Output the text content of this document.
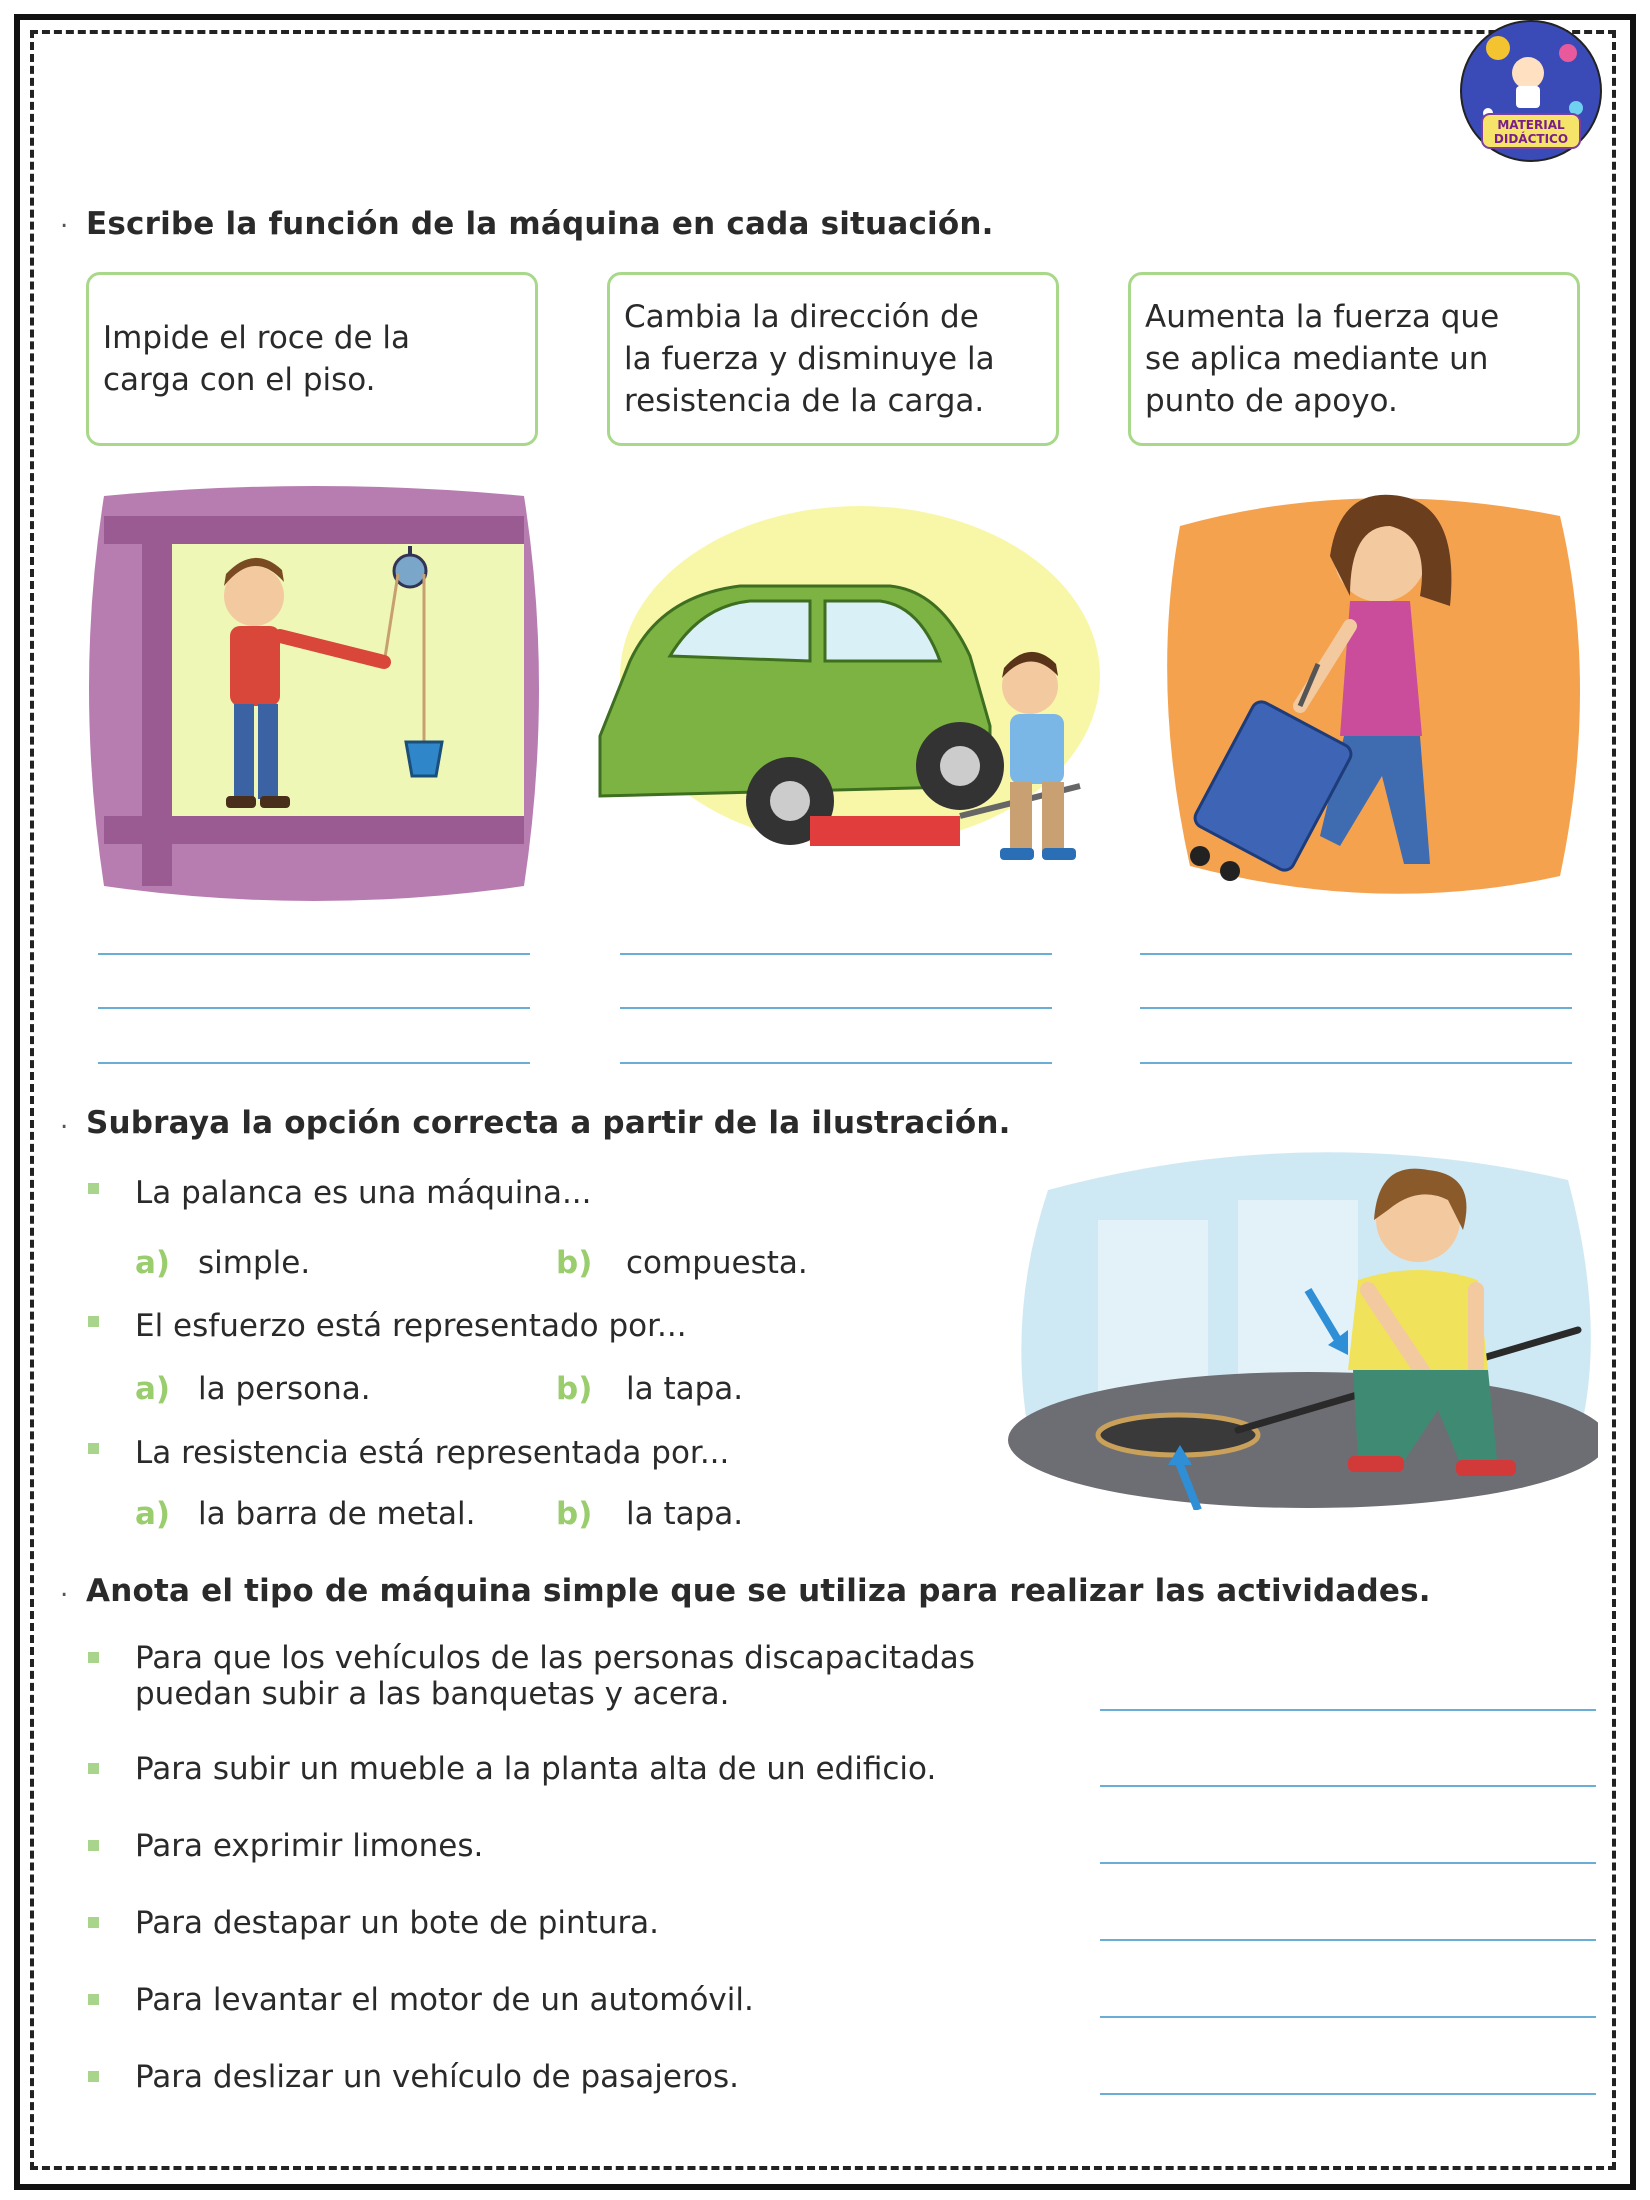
MATERIAL
DIDÁCTICO
. Escribe la función de la máquina en cada situación.
Impide el roce de la
carga con el piso.
Cambia la dirección de
la fuerza y disminuye la
resistencia de la carga.
Aumenta la fuerza que
se aplica mediante un
punto de apoyo.
. Subraya la opción correcta a partir de la ilustración.
La palanca es una máquina...
a) simple.	b) compuesta.
El esfuerzo está representado por...
a) la persona.	b) la tapa.
La resistencia está representada por...
a) la barra de metal.	b) la tapa.
. Anota el tipo de máquina simple que se utiliza para realizar las actividades.
Para que los vehículos de las personas discapacitadas
puedan subir a las banquetas y acera.
Para subir un mueble a la planta alta de un edificio.
Para exprimir limones.
Para destapar un bote de pintura.
Para levantar el motor de un automóvil.
Para deslizar un vehículo de pasajeros.
